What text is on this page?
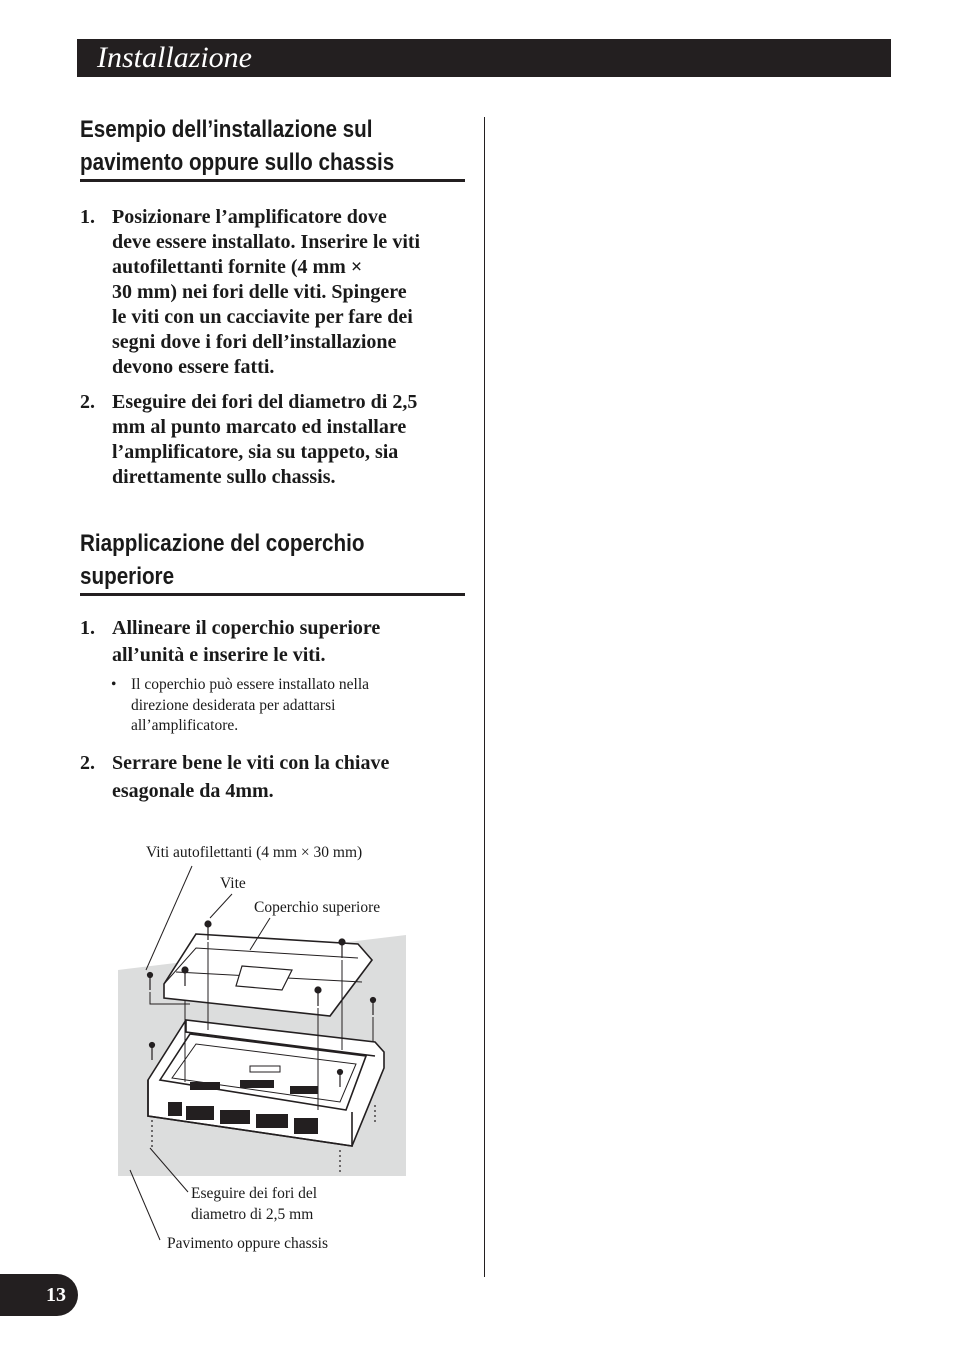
Installazione
Esempio dell’installazione sul
pavimento oppure sullo chassis
1. Posizionare l’amplificatore dove
deve essere installato. Inserire le viti
autofilettanti fornite (4 mm ×
30 mm) nei fori delle viti. Spingere
le viti con un cacciavite per fare dei
segni dove i fori dell’installazione
devono essere fatti.
2. Eseguire dei fori del diametro di 2,5
mm al punto marcato ed installare
l’amplificatore, sia su tappeto, sia
direttamente sullo chassis.
Riapplicazione del coperchio
superiore
1. Allineare il coperchio superiore
all’unità e inserire le viti.
• Il coperchio può essere installato nella
direzione desiderata per adattarsi
all’amplificatore.
2. Serrare bene le viti con la chiave
esagonale da 4mm.
Viti autofilettanti (4 mm × 30 mm)
Vite
Coperchio superiore
Eseguire dei fori del
diametro di 2,5 mm
Pavimento oppure chassis
13
